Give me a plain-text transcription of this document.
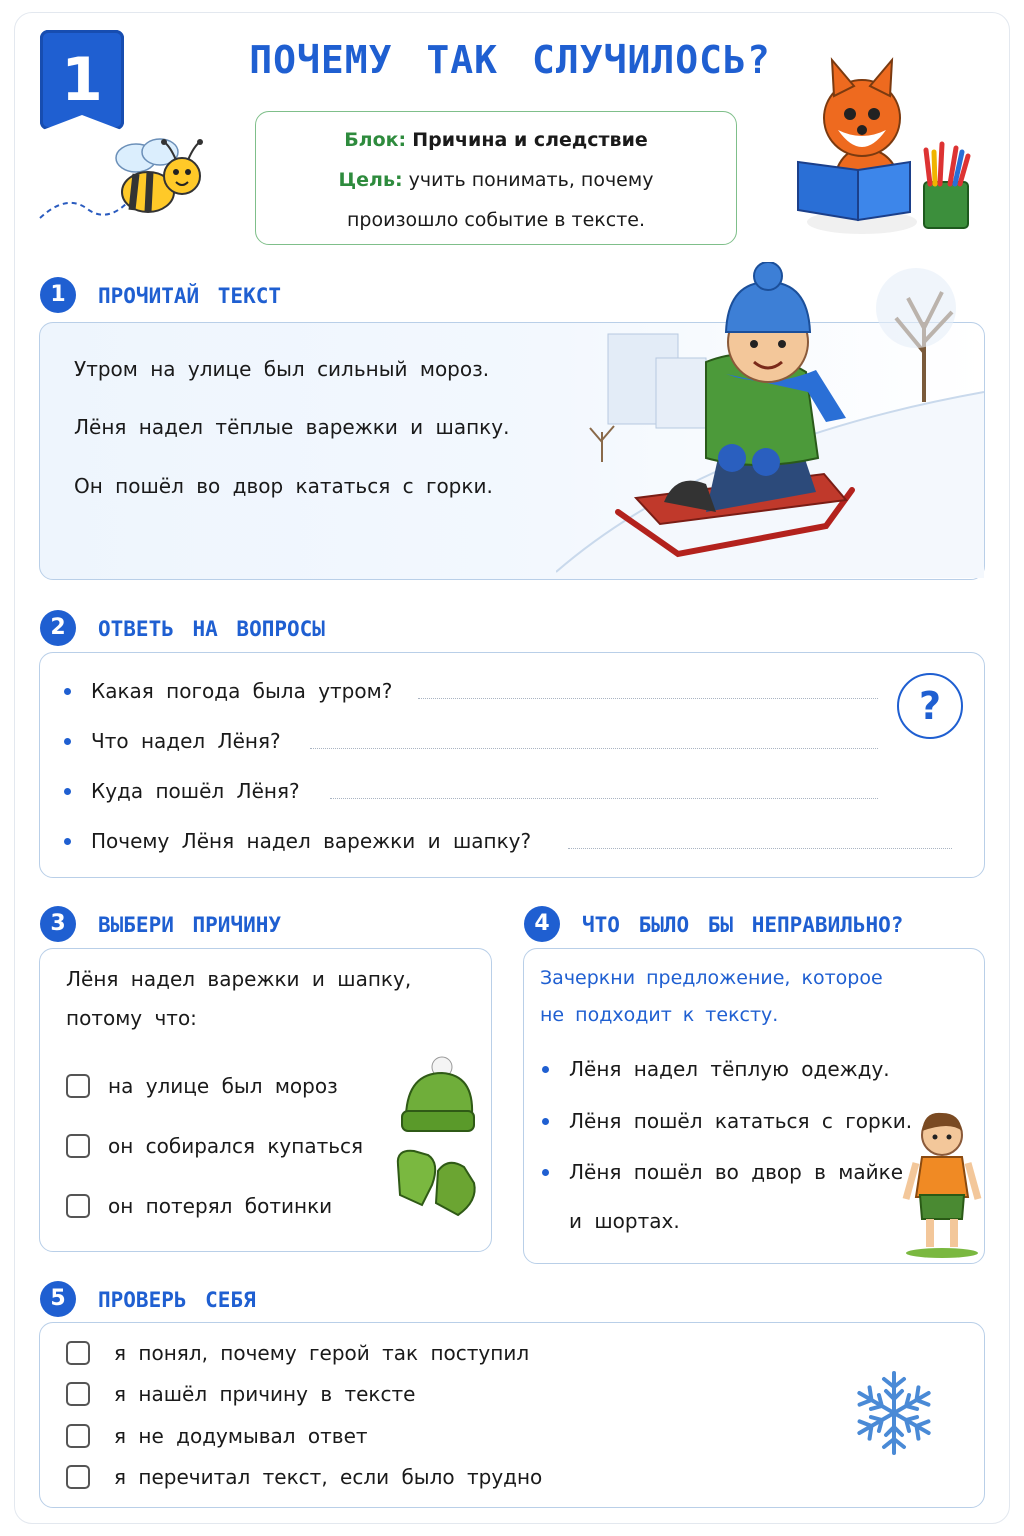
1	ПОЧЕМУ ТАК СЛУЧИЛОСЬ?
Блок: Причина и следствие
Цель: учить понимать, почему
произошло событие в тексте.
1	ПРОЧИТАЙ ТЕКСТ
Утром на улице был сильный мороз.
Лёня надел тёплые варежки и шапку.
Он пошёл во двор кататься с горки.
2	ОТВЕТЬ НА ВОПРОСЫ
Какая погода была утром?
Что надел Лёня?
Куда пошёл Лёня?
Почему Лёня надел варежки и шапку?
?
3	ВЫБЕРИ ПРИЧИНУ
Лёня надел варежки и шапку,
потому что:
на улице был мороз
он собирался купаться
он потерял ботинки
4	ЧТО БЫЛО БЫ НЕПРАВИЛЬНО?
Зачеркни предложение, которое
не подходит к тексту.
Лёня надел тёплую одежду.
Лёня пошёл кататься с горки.
Лёня пошёл во двор в майке
и шортах.
5	ПРОВЕРЬ СЕБЯ
я понял, почему герой так поступил
я нашёл причину в тексте
я не додумывал ответ
я перечитал текст, если было трудно
